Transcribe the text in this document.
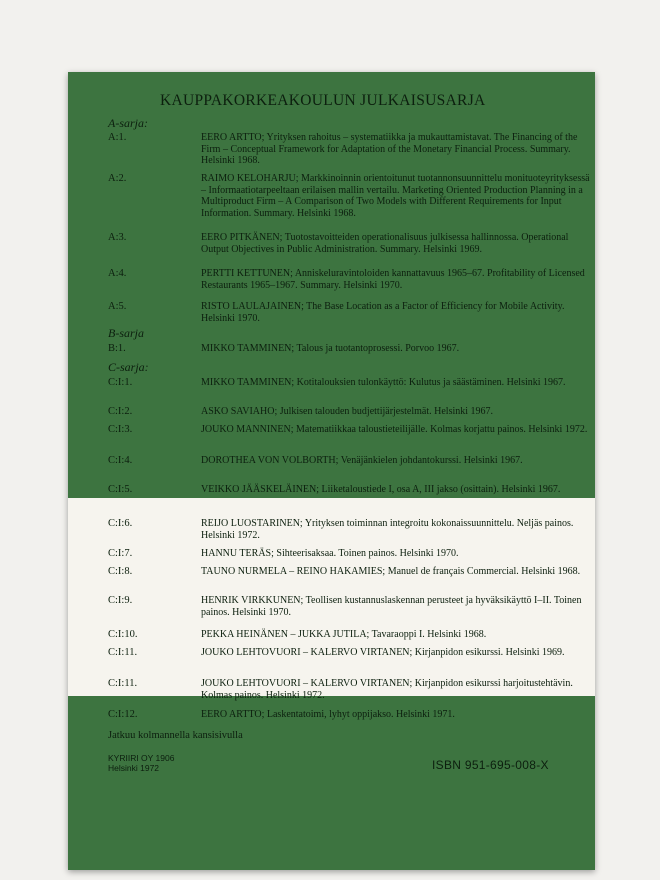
KAUPPAKORKEAKOULUN JULKAISUSARJA
A-sarja:
A:1.	EERO ARTTO; Yrityksen rahoitus – systematiikka ja mukauttamistavat. The Financing of the Firm – Conceptual Framework for Adaptation of the Monetary Financial Process. Summary. Helsinki 1968.
A:2.	RAIMO KELOHARJU; Markkinoinnin orientoitunut tuotannonsuunnittelu monituoteyrityksessä – Informaatiotarpeeltaan erilaisen mallin vertailu. Marketing Oriented Production Planning in a Multiproduct Firm – A Comparison of Two Models with Different Requirements for Input Information. Summary. Helsinki 1968.
A:3.	EERO PITKÄNEN; Tuotostavoitteiden operationalisuus julkisessa hallinnossa. Operational Output Objectives in Public Administration. Summary. Helsinki 1969.
A:4.	PERTTI KETTUNEN; Anniskeluravintoloiden kannattavuus 1965–67. Profitability of Licensed Restaurants 1965–1967. Summary. Helsinki 1970.
A:5.	RISTO LAULAJAINEN; The Base Location as a Factor of Efficiency for Mobile Activity. Helsinki 1970.
B-sarja
B:1.	MIKKO TAMMINEN; Talous ja tuotantoprosessi. Porvoo 1967.
C-sarja:
C:I:1.	MIKKO TAMMINEN; Kotitalouksien tulonkäyttö: Kulutus ja säästäminen. Helsinki 1967.
C:I:2.	ASKO SAVIAHO; Julkisen talouden budjettijärjestelmät. Helsinki 1967.
C:I:3.	JOUKO MANNINEN; Matematiikkaa taloustieteilijälle. Kolmas korjattu painos. Helsinki 1972.
C:I:4.	DOROTHEA VON VOLBORTH; Venäjänkielen johdantokurssi. Helsinki 1967.
C:I:5.	VEIKKO JÄÄSKELÄINEN; Liiketaloustiede I, osa A, III jakso (osittain). Helsinki 1967.
C:I:6.	REIJO LUOSTARINEN; Yrityksen toiminnan integroitu kokonaissuunnittelu. Neljäs painos. Helsinki 1972.
C:I:7.	HANNU TERÄS; Sihteerisaksaa. Toinen painos. Helsinki 1970.
C:I:8.	TAUNO NURMELA – REINO HAKAMIES; Manuel de français Commercial. Helsinki 1968.
C:I:9.	HENRIK VIRKKUNEN; Teollisen kustannuslaskennan perusteet ja hyväksikäyttö I–II. Toinen painos. Helsinki 1970.
C:I:10.	PEKKA HEINÄNEN – JUKKA JUTILA; Tavaraoppi I. Helsinki 1968.
C:I:11.	JOUKO LEHTOVUORI – KALERVO VIRTANEN; Kirjanpidon esikurssi. Helsinki 1969.
C:I:11.	JOUKO LEHTOVUORI – KALERVO VIRTANEN; Kirjanpidon esikurssi harjoitustehtävin. Kolmas painos. Helsinki 1972.
C:I:12.	EERO ARTTO; Laskentatoimi, lyhyt oppijakso. Helsinki 1971.
Jatkuu kolmannella kansisivulla
KYRIIRI OY 1906
Helsinki 1972	ISBN 951-695-008-X
